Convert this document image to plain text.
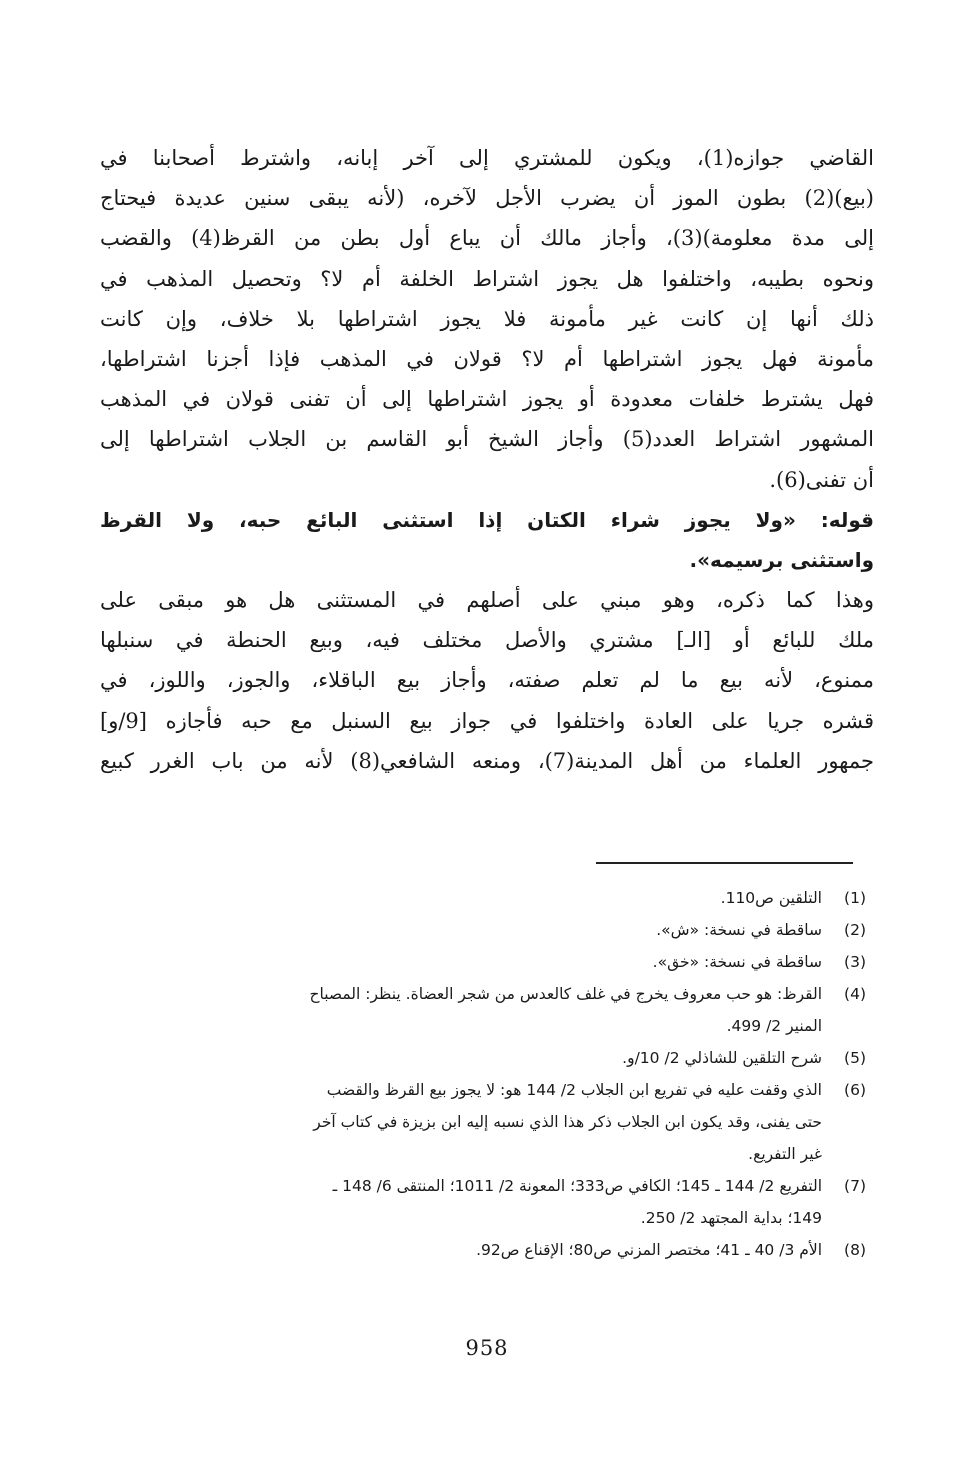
القاضي جوازه(1)، ويكون للمشتري إلى آخر إبانه، واشترط أصحابنا في
(بيع)(2) بطون الموز أن يضرب الأجل لآخره، (لأنه يبقى سنين عديدة فيحتاج
إلى مدة معلومة)(3)، وأجاز مالك أن يباع أول بطن من القرظ(4) والقضب
ونحوه بطيبه، واختلفوا هل يجوز اشتراط الخلفة أم لا؟ وتحصيل المذهب في
ذلك أنها إن كانت غير مأمونة فلا يجوز اشتراطها بلا خلاف، وإن كانت
مأمونة فهل يجوز اشتراطها أم لا؟ قولان في المذهب فإذا أجزنا اشتراطها،
فهل يشترط خلفات معدودة أو يجوز اشتراطها إلى أن تفنى قولان في المذهب
المشهور اشتراط العدد(5) وأجاز الشيخ أبو القاسم بن الجلاب اشتراطها إلى
أن تفنى(6).
قوله: «ولا يجوز شراء الكتان إذا استثنى البائع حبه، ولا القرظ
واستثنى برسيمه».
وهذا كما ذكره، وهو مبني على أصلهم في المستثنى هل هو مبقى على
ملك للبائع أو [الـ] مشتري والأصل مختلف فيه، وبيع الحنطة في سنبلها
ممنوع، لأنه بيع ما لم تعلم صفته، وأجاز بيع الباقلاء، والجوز، واللوز، في
قشره جريا على العادة واختلفوا في جواز بيع السنبل مع حبه فأجازه [9/و]
جمهور العلماء من أهل المدينة(7)، ومنعه الشافعي(8) لأنه من باب الغرر كبيع
(1)
التلقين ص110.
(2)
ساقطة في نسخة: «ش».
(3)
ساقطة في نسخة: «خق».
(4)
القرظ: هو حب معروف يخرج في غلف كالعدس من شجر العضاة. ينظر: المصباح
المنير 2/ 499.
(5)
شرح التلقين للشاذلي 2/ 10/و.
(6)
الذي وقفت عليه في تفريع ابن الجلاب 2/ 144 هو: لا يجوز بيع القرظ والقضب
حتى يفنى، وقد يكون ابن الجلاب ذكر هذا الذي نسبه إليه ابن بزيزة في كتاب آخر
غير التفريع.
(7)
التفريع 2/ 144 ـ 145؛ الكافي ص333؛ المعونة 2/ 1011؛ المنتقى 6/ 148 ـ
149؛ بداية المجتهد 2/ 250.
(8)
الأم 3/ 40 ـ 41؛ مختصر المزني ص80؛ الإقناع ص92.
958
